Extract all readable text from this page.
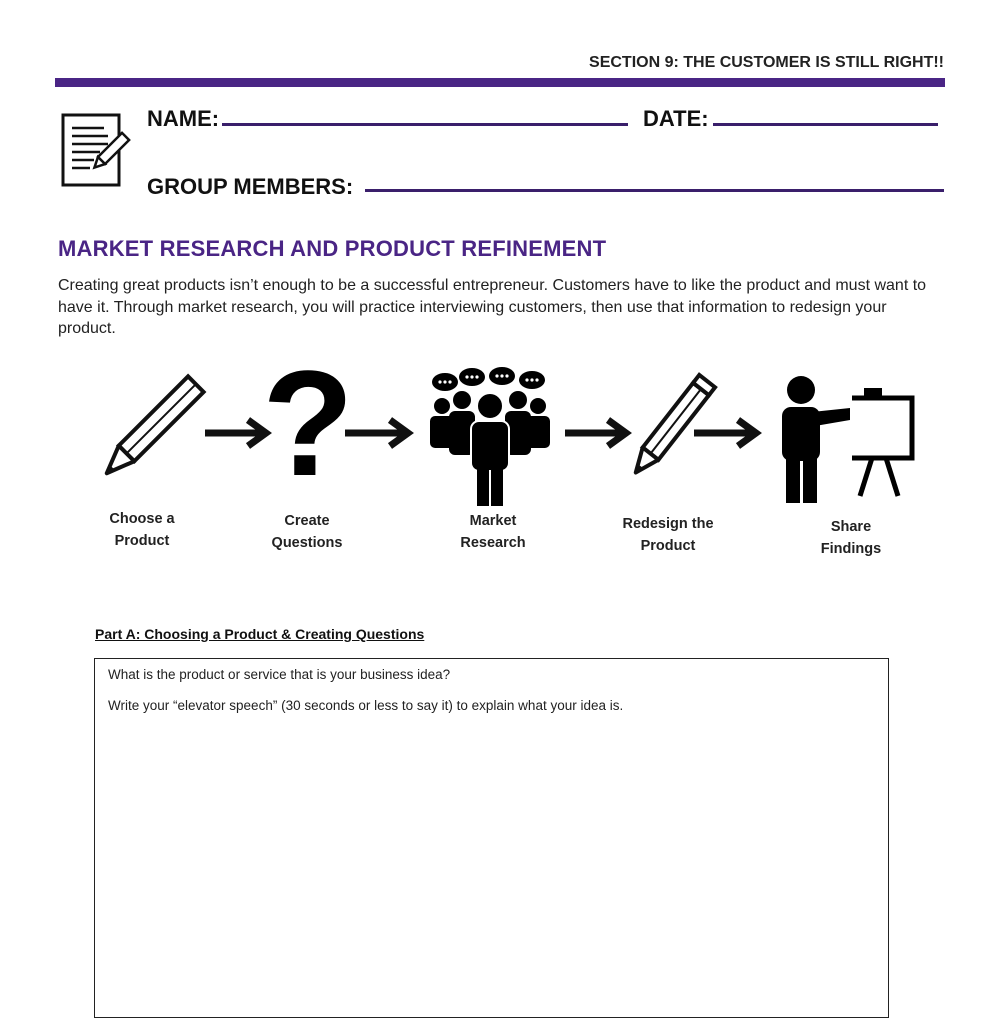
SECTION 9: THE CUSTOMER IS STILL RIGHT!!
NAME:	DATE:
GROUP MEMBERS:
MARKET RESEARCH AND PRODUCT REFINEMENT
Creating great products isn’t enough to be a successful entrepreneur. Customers have to like the product and must want to have it. Through market research, you will practice interviewing customers, then use that information to redesign your product.
?
Choose a
Product
Create
Questions
Market
Research
Redesign the
Product
Share
Findings
Part A: Choosing a Product & Creating Questions
What is the product or service that is your business idea?
Write your “elevator speech” (30 seconds or less to say it) to explain what your idea is.
